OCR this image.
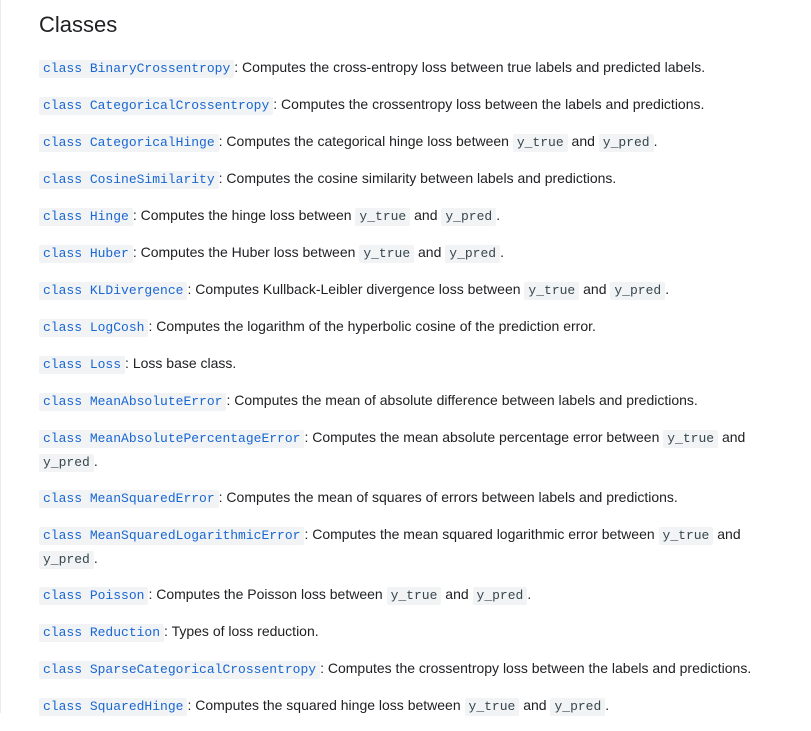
Classes

class BinaryCrossentropy : Computes the cross-entropy loss between true labels and predicted labels.

class CategoricalCrossentropy : Computes the crossentropy loss between the labels and predictions.

class CategoricalHinge : Computes the categorical hinge loss between y_true and y_pred .

class CosineSimilarity : Computes the cosine similarity between labels and predictions.

class Hinge : Computes the hinge loss between y_true and y_pred .

class Huber : Computes the Huber loss between y_true and y_pred .

class KLDivergence : Computes Kullback-Leibler divergence loss between y_true and y_pred .

class LogCosh : Computes the logarithm of the hyperbolic cosine of the prediction error.

class Loss : Loss base class.

class MeanAbsoluteError : Computes the mean of absolute difference between labels and predictions.

class MeanAbsolutePercentageError : Computes the mean absolute percentage error between y_true and y_pred .

class MeanSquaredError : Computes the mean of squares of errors between labels and predictions.

class MeanSquaredLogarithmicError : Computes the mean squared logarithmic error between y_true and y_pred .

class Poisson : Computes the Poisson loss between y_true and y_pred .

class Reduction : Types of loss reduction.

class SparseCategoricalCrossentropy : Computes the crossentropy loss between the labels and predictions.

class SquaredHinge : Computes the squared hinge loss between y_true and y_pred .
